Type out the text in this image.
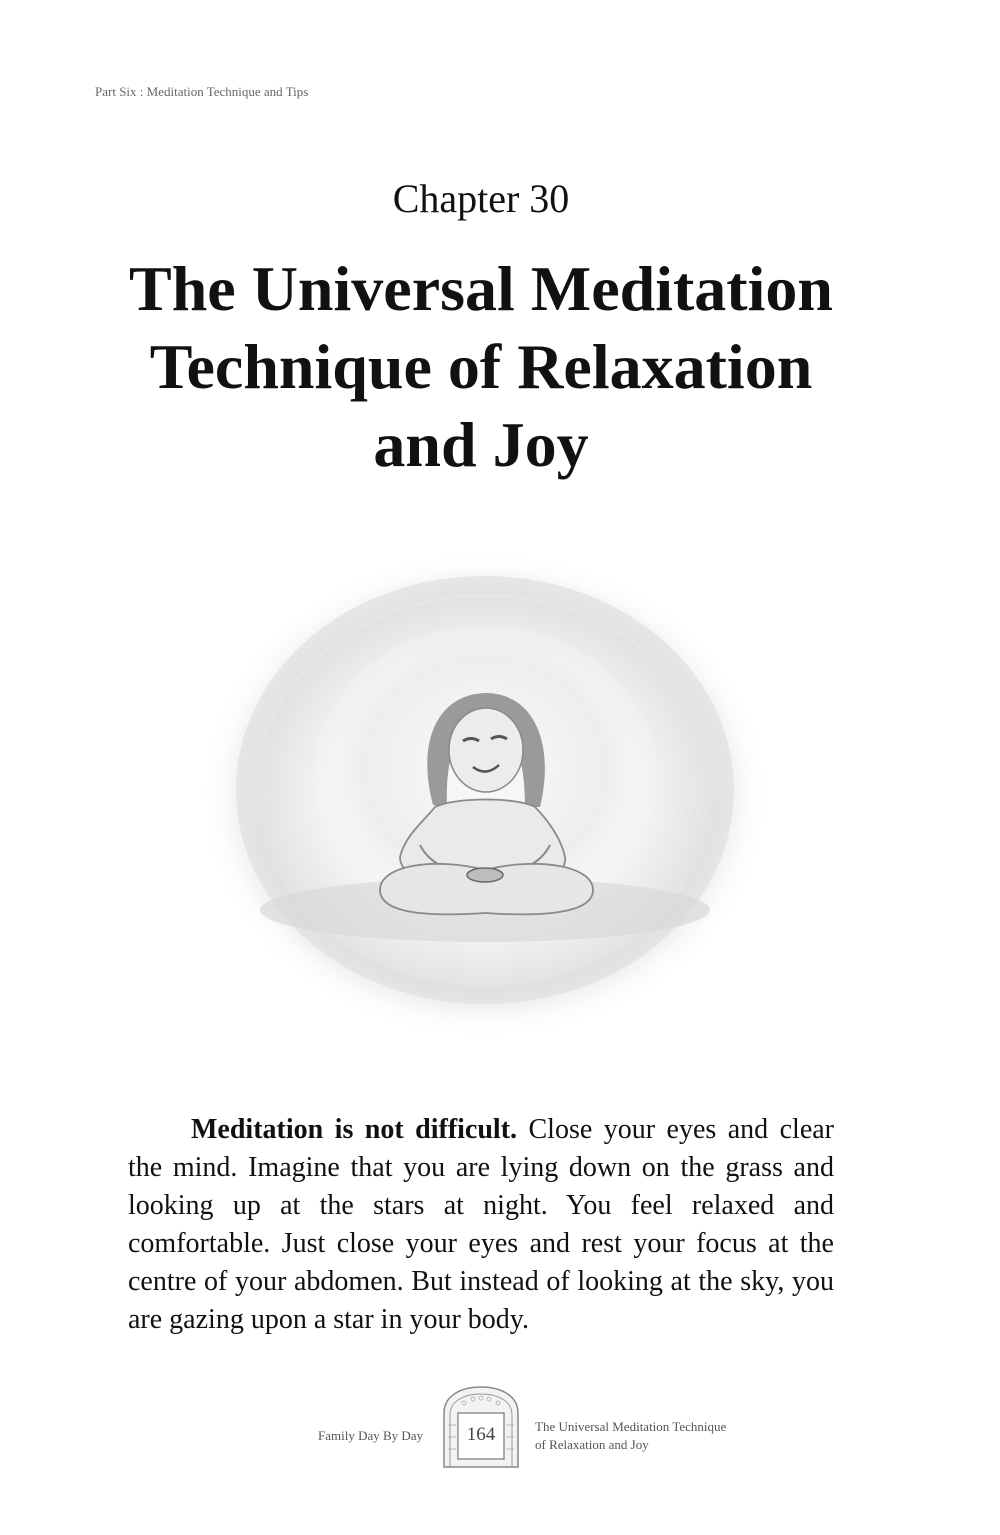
Part Six : Meditation Technique and Tips
Chapter 30
The Universal Meditation
Technique of Relaxation
and Joy

Meditation is not difficult. Close your eyes and clear the mind. Imagine that you are lying down on the grass and looking up at the stars at night. You feel relaxed and comfortable. Just close your eyes and rest your focus at the centre of your abdomen. But instead of looking at the sky, you are gazing upon a star in your body.

Family Day By Day	164	The Universal Meditation Technique
of Relaxation and Joy
